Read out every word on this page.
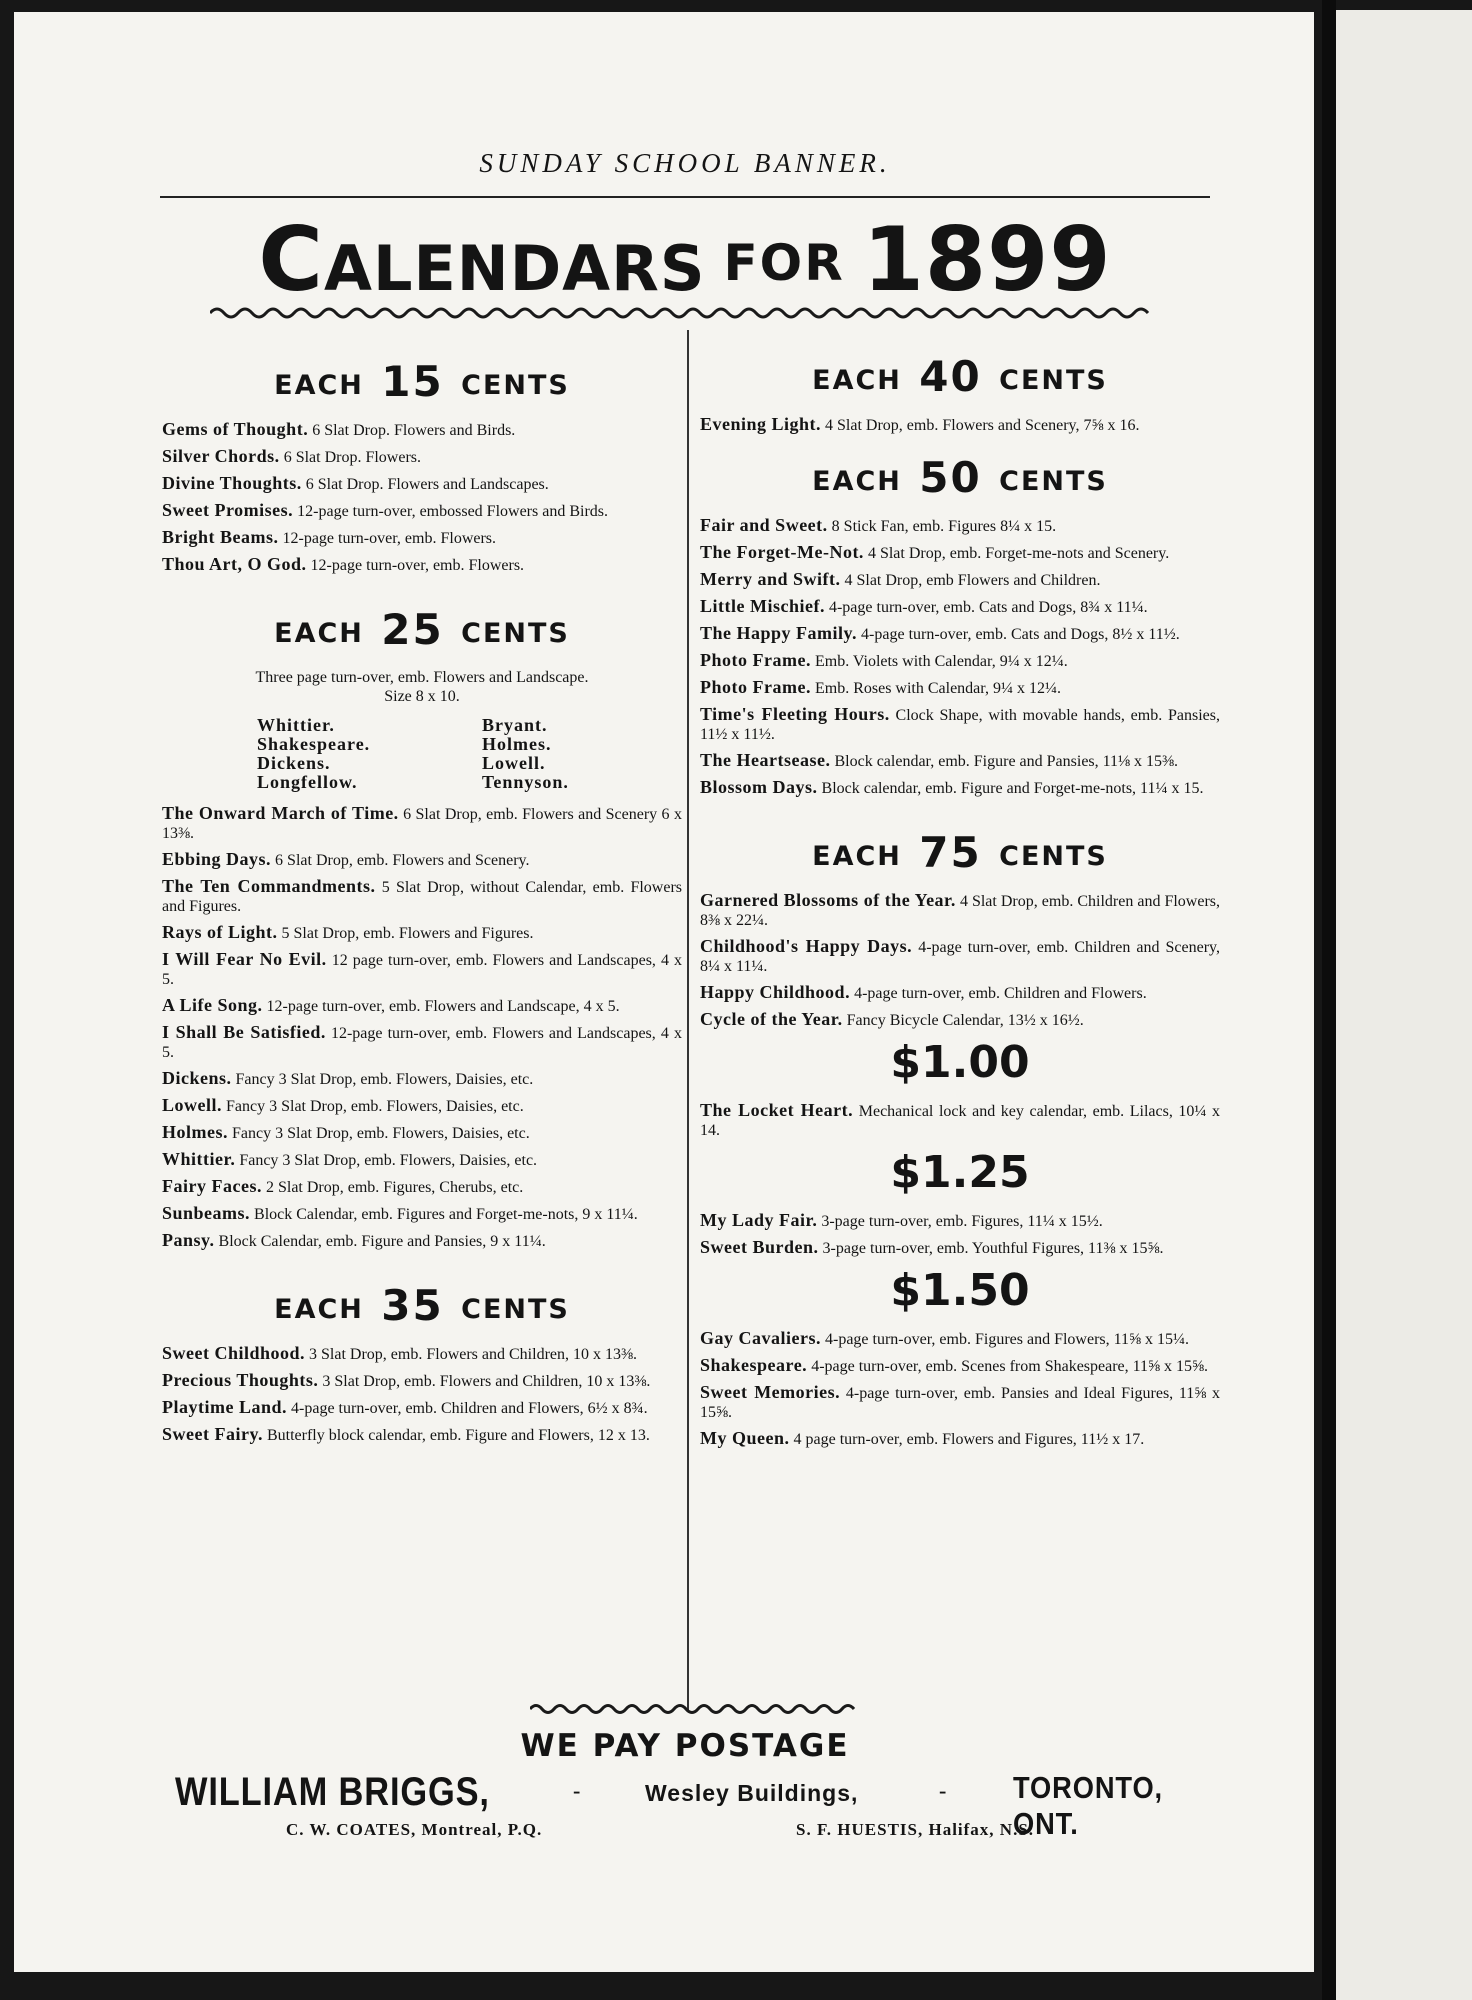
SUNDAY SCHOOL BANNER.
Calendars FOR 1899
EACH 15 CENTS
Gems of Thought. 6 Slat Drop. Flowers and Birds.
Silver Chords. 6 Slat Drop. Flowers.
Divine Thoughts. 6 Slat Drop. Flowers and Landscapes.
Sweet Promises. 12-page turn-over, embossed Flowers and Birds.
Bright Beams. 12-page turn-over, emb. Flowers.
Thou Art, O God. 12-page turn-over, emb. Flowers.
EACH 25 CENTS
Three page turn-over, emb. Flowers and Landscape.
Size 8 x 10.
Whittier.	Bryant.
Shakespeare.	Holmes.
Dickens.	Lowell.
Longfellow.	Tennyson.
The Onward March of Time. 6 Slat Drop, emb. Flowers and Scenery 6 x 13⅜.
Ebbing Days. 6 Slat Drop, emb. Flowers and Scenery.
The Ten Commandments. 5 Slat Drop, without Calendar, emb. Flowers and Figures.
Rays of Light. 5 Slat Drop, emb. Flowers and Figures.
I Will Fear No Evil. 12 page turn-over, emb. Flowers and Landscapes, 4 x 5.
A Life Song. 12-page turn-over, emb. Flowers and Landscape, 4 x 5.
I Shall Be Satisfied. 12-page turn-over, emb. Flowers and Landscapes, 4 x 5.
Dickens. Fancy 3 Slat Drop, emb. Flowers, Daisies, etc.
Lowell. Fancy 3 Slat Drop, emb. Flowers, Daisies, etc.
Holmes. Fancy 3 Slat Drop, emb. Flowers, Daisies, etc.
Whittier. Fancy 3 Slat Drop, emb. Flowers, Daisies, etc.
Fairy Faces. 2 Slat Drop, emb. Figures, Cherubs, etc.
Sunbeams. Block Calendar, emb. Figures and Forget-me-nots, 9 x 11¼.
Pansy. Block Calendar, emb. Figure and Pansies, 9 x 11¼.
EACH 35 CENTS
Sweet Childhood. 3 Slat Drop, emb. Flowers and Children, 10 x 13⅜.
Precious Thoughts. 3 Slat Drop, emb. Flowers and Children, 10 x 13⅜.
Playtime Land. 4-page turn-over, emb. Children and Flowers, 6½ x 8¾.
Sweet Fairy. Butterfly block calendar, emb. Figure and Flowers, 12 x 13.
EACH 40 CENTS
Evening Light. 4 Slat Drop, emb. Flowers and Scenery, 7⅝ x 16.
EACH 50 CENTS
Fair and Sweet. 8 Stick Fan, emb. Figures 8¼ x 15.
The Forget-Me-Not. 4 Slat Drop, emb. Forget-me-nots and Scenery.
Merry and Swift. 4 Slat Drop, emb Flowers and Children.
Little Mischief. 4-page turn-over, emb. Cats and Dogs, 8¾ x 11¼.
The Happy Family. 4-page turn-over, emb. Cats and Dogs, 8½ x 11½.
Photo Frame. Emb. Violets with Calendar, 9¼ x 12¼.
Photo Frame. Emb. Roses with Calendar, 9¼ x 12¼.
Time's Fleeting Hours. Clock Shape, with movable hands, emb. Pansies, 11½ x 11½.
The Heartsease. Block calendar, emb. Figure and Pansies, 11⅛ x 15⅜.
Blossom Days. Block calendar, emb. Figure and Forget-me-nots, 11¼ x 15.
EACH 75 CENTS
Garnered Blossoms of the Year. 4 Slat Drop, emb. Children and Flowers, 8⅜ x 22¼.
Childhood's Happy Days. 4-page turn-over, emb. Children and Scenery, 8¼ x 11¼.
Happy Childhood. 4-page turn-over, emb. Children and Flowers.
Cycle of the Year. Fancy Bicycle Calendar, 13½ x 16½.
$1.00
The Locket Heart. Mechanical lock and key calendar, emb. Lilacs, 10¼ x 14.
$1.25
My Lady Fair. 3-page turn-over, emb. Figures, 11¼ x 15½.
Sweet Burden. 3-page turn-over, emb. Youthful Figures, 11⅜ x 15⅝.
$1.50
Gay Cavaliers. 4-page turn-over, emb. Figures and Flowers, 11⅝ x 15¼.
Shakespeare. 4-page turn-over, emb. Scenes from Shakespeare, 11⅝ x 15⅝.
Sweet Memories. 4-page turn-over, emb. Pansies and Ideal Figures, 11⅝ x 15⅝.
My Queen. 4 page turn-over, emb. Flowers and Figures, 11½ x 17.
WE PAY POSTAGE
WILLIAM BRIGGS,	-	Wesley Buildings,	- TORONTO, ONT.
C. W. COATES, Montreal, P.Q.	S. F. HUESTIS, Halifax, N.S.
